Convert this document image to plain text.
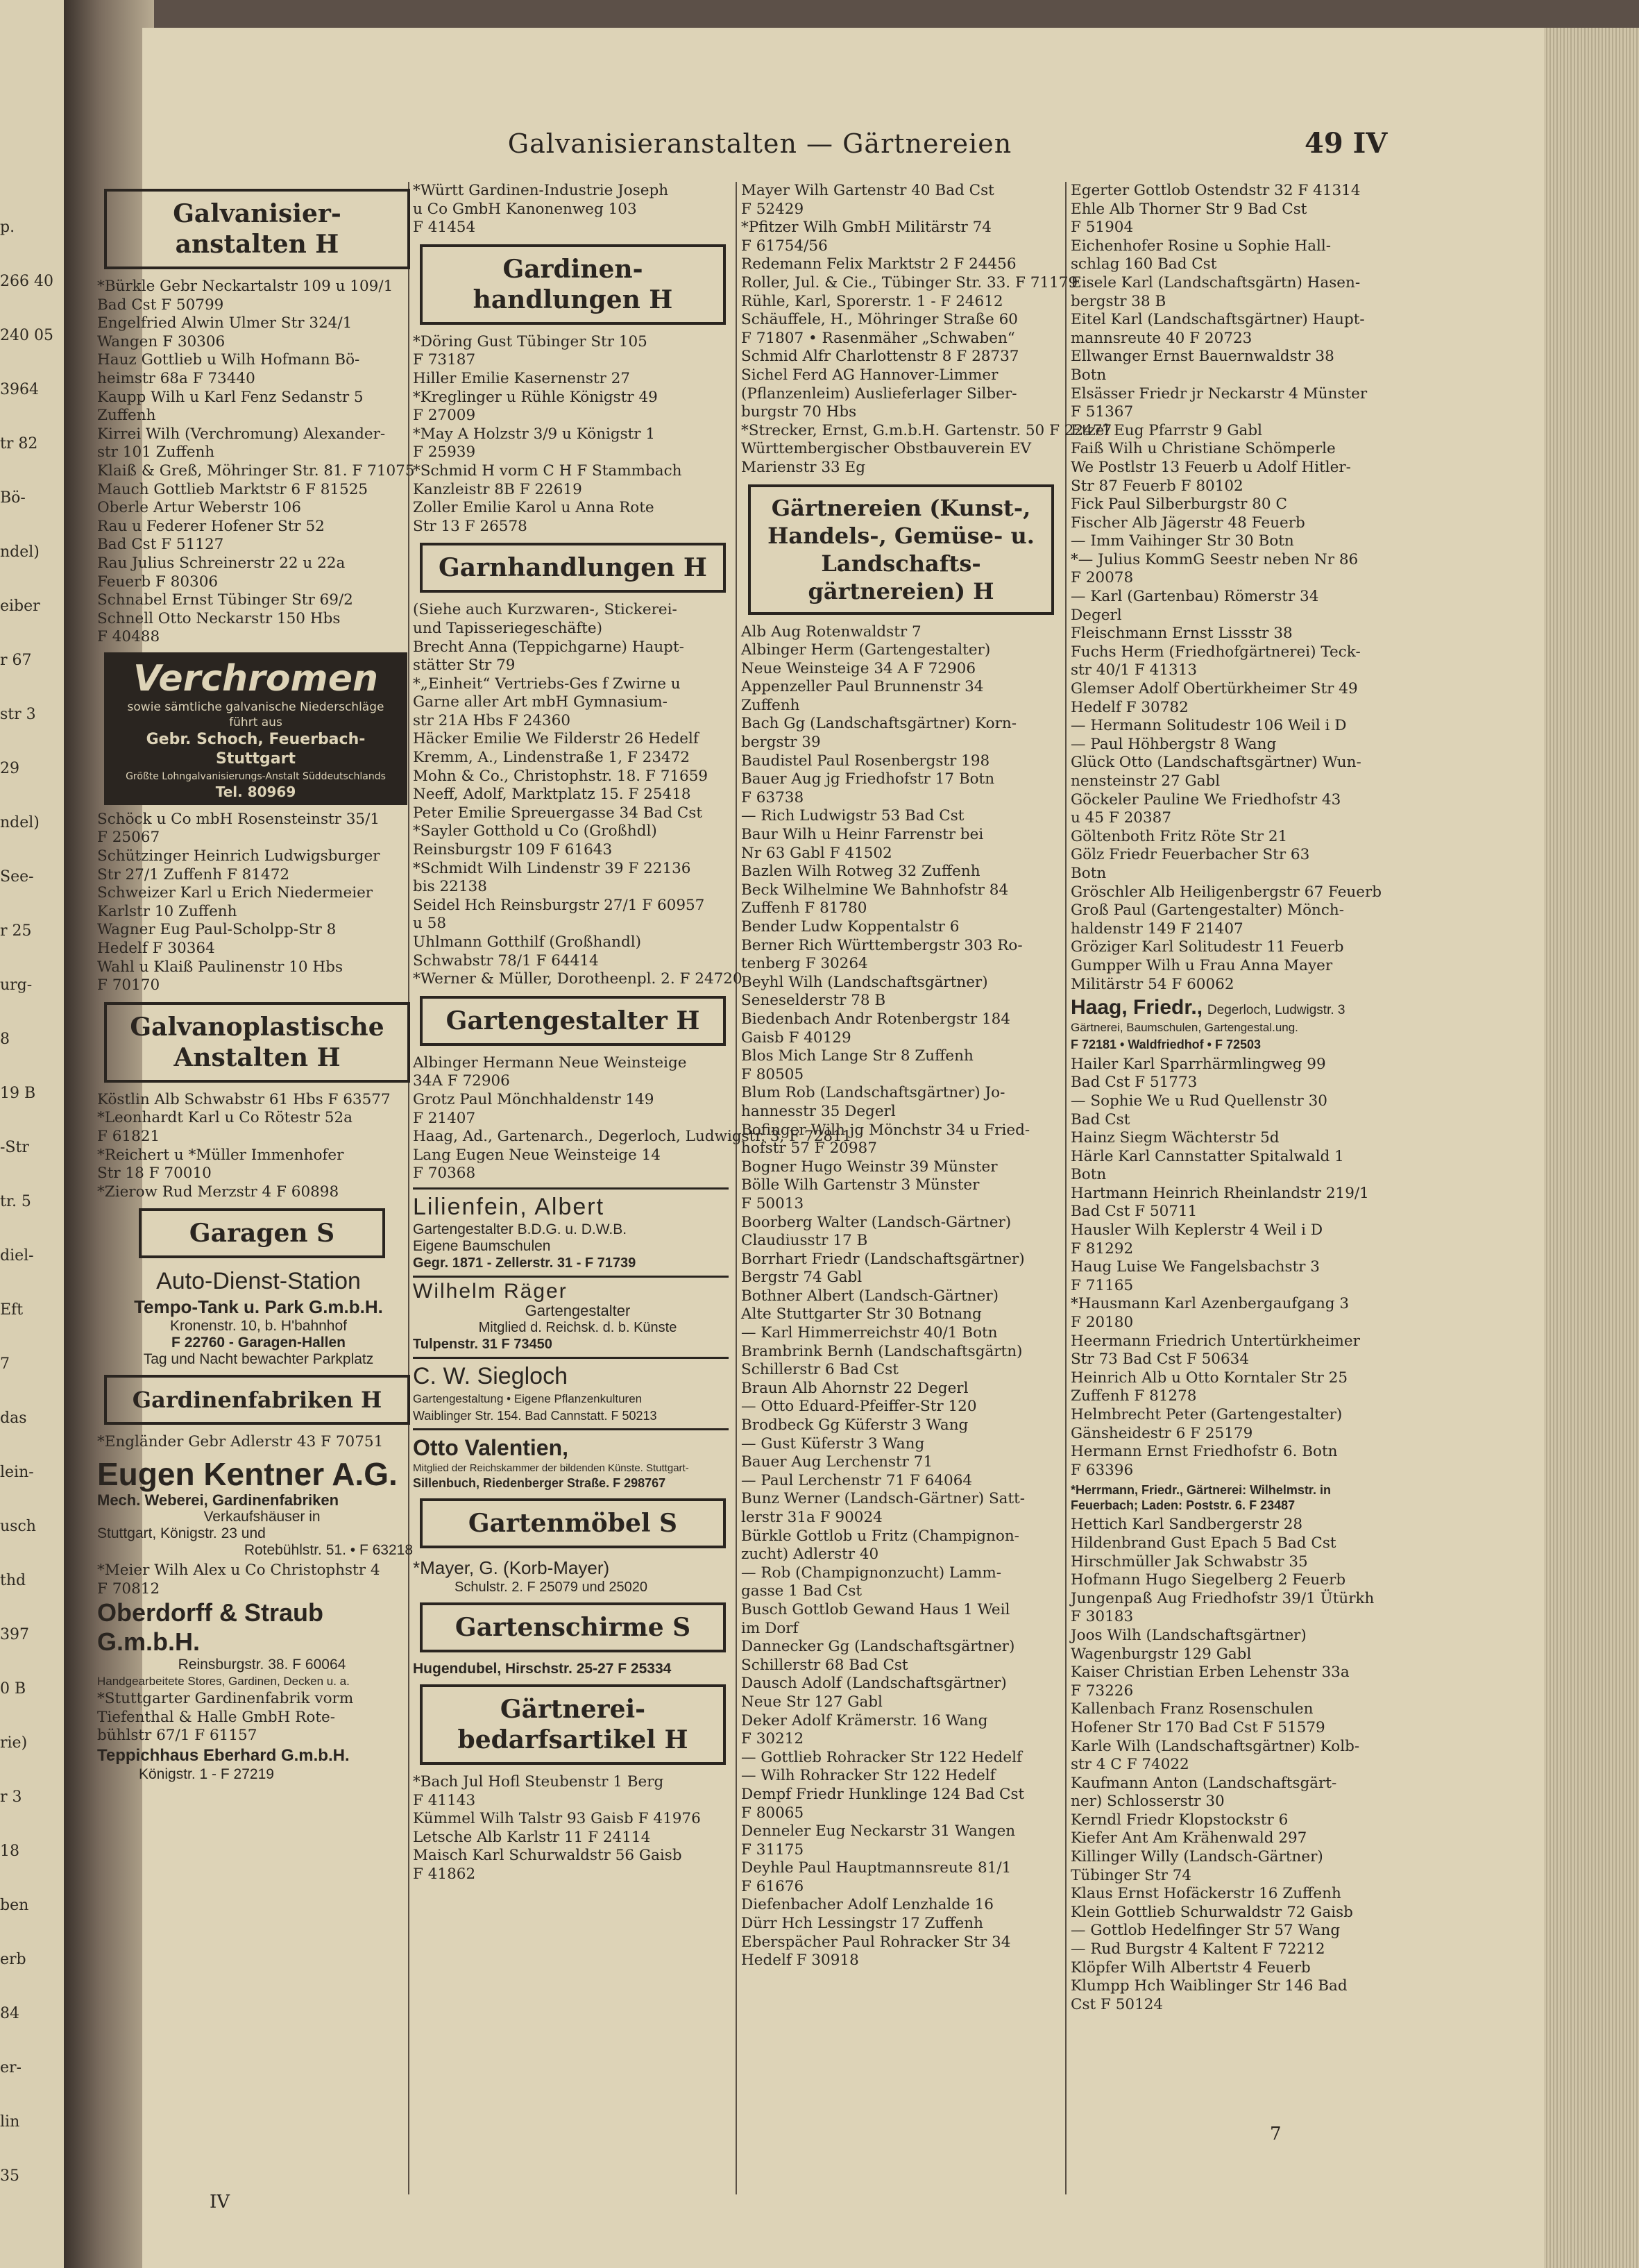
p.
266 40
240 05
3964
tr 82
Bö-
ndel)
eiber
r 67
str 3
29
ndel)
See-
r 25
urg-
8
19 B
-Str
tr. 5
diel-
Eft
7
das
lein-
usch
thd
397
0 B
rie)
r 3
18
ben
erb
84
er-
lin
35
Galvanisieranstalten — Gärtnereien	49 IV
Galvanisier-anstalten H
*Bürkle Gebr Neckartalstr 109 u 109/1
Bad Cst F 50799
Engelfried Alwin Ulmer Str 324/1
Wangen F 30306
Hauz Gottlieb u Wilh Hofmann Bö-
heimstr 68a F 73440
Kaupp Wilh u Karl Fenz Sedanstr 5
Zuffenh
Kirrei Wilh (Verchromung) Alexander-
str 101 Zuffenh
Klaiß & Greß, Möhringer Str. 81. F 71075
Mauch Gottlieb Marktstr 6 F 81525
Oberle Artur Weberstr 106
Rau u Federer Hofener Str 52
Bad Cst F 51127
Rau Julius Schreinerstr 22 u 22a
Feuerb F 80306
Schnabel Ernst Tübinger Str 69/2
Schnell Otto Neckarstr 150 Hbs
F 40488
Verchromen
sowie sämtliche galvanische Niederschläge
führt aus
Gebr. Schoch, Feuerbach-Stuttgart
Größte Lohngalvanisierungs-Anstalt Süddeutschlands
Tel. 80969
Schöck u Co mbH Rosensteinstr 35/1
F 25067
Schützinger Heinrich Ludwigsburger
Str 27/1 Zuffenh F 81472
Schweizer Karl u Erich Niedermeier
Karlstr 10 Zuffenh
Wagner Eug Paul-Scholpp-Str 8
Hedelf F 30364
Wahl u Klaiß Paulinenstr 10 Hbs
F 70170
Galvanoplastische Anstalten H
Köstlin Alb Schwabstr 61 Hbs F 63577
*Leonhardt Karl u Co Rötestr 52a
F 61821
*Reichert u *Müller Immenhofer
Str 18 F 70010
*Zierow Rud Merzstr 4 F 60898
Garagen S
Auto-Dienst-Station
Tempo-Tank u. Park G.m.b.H.
Kronenstr. 10, b. H'bahnhof
F 22760 - Garagen-Hallen
Tag und Nacht bewachter Parkplatz
Gardinenfabriken H
*Engländer Gebr Adlerstr 43 F 70751
Eugen Kentner A.G.
Mech. Weberei, Gardinenfabriken
Verkaufshäuser in
Stuttgart, Königstr. 23 und
Rotebühlstr. 51. • F 63218
*Meier Wilh Alex u Co Christophstr 4
F 70812
Oberdorff & Straub G.m.b.H.
Reinsburgstr. 38. F 60064
Handgearbeitete Stores, Gardinen, Decken u. a.
*Stuttgarter Gardinenfabrik vorm
Tiefenthal & Halle GmbH Rote-
bühlstr 67/1 F 61157
Teppichhaus Eberhard G.m.b.H.
Königstr. 1 - F 27219
*Württ Gardinen-Industrie Joseph
u Co GmbH Kanonenweg 103
F 41454
Gardinen-handlungen H
*Döring Gust Tübinger Str 105
F 73187
Hiller Emilie Kasernenstr 27
*Kreglinger u Rühle Königstr 49
F 27009
*May A Holzstr 3/9 u Königstr 1
F 25939
*Schmid H vorm C H F Stammbach
Kanzleistr 8B F 22619
Zoller Emilie Karol u Anna Rote
Str 13 F 26578
Garnhandlungen H
(Siehe auch Kurzwaren-, Stickerei-
und Tapisseriegeschäfte)
Brecht Anna (Teppichgarne) Haupt-
stätter Str 79
*„Einheit“ Vertriebs-Ges f Zwirne u
Garne aller Art mbH Gymnasium-
str 21A Hbs F 24360
Häcker Emilie We Filderstr 26 Hedelf
Kremm, A., Lindenstraße 1, F 23472
Mohn & Co., Christophstr. 18. F 71659
Neeff, Adolf, Marktplatz 15. F 25418
Peter Emilie Spreuergasse 34 Bad Cst
*Sayler Gotthold u Co (Großhdl)
Reinsburgstr 109 F 61643
*Schmidt Wilh Lindenstr 39 F 22136
bis 22138
Seidel Hch Reinsburgstr 27/1 F 60957
u 58
Uhlmann Gotthilf (Großhandl)
Schwabstr 78/1 F 64414
*Werner & Müller, Dorotheenpl. 2. F 24720
Gartengestalter H
Albinger Hermann Neue Weinsteige
34A F 72906
Grotz Paul Mönchhaldenstr 149
F 21407
Haag, Ad., Gartenarch., Degerloch, Ludwigstr. 3, F 72811
Lang Eugen Neue Weinsteige 14
F 70368
Lilienfein, Albert
Gartengestalter B.D.G. u. D.W.B.
Eigene Baumschulen
Gegr. 1871 - Zellerstr. 31 - F 71739
Wilhelm Räger
Gartengestalter
Mitglied d. Reichsk. d. b. Künste
Tulpenstr. 31 F 73450
C. W. Siegloch
Gartengestaltung • Eigene Pflanzenkulturen
Waiblinger Str. 154. Bad Cannstatt. F 50213
Otto Valentien,
Mitglied der Reichskammer der bildenden Künste. Stuttgart-
Sillenbuch, Riedenberger Straße. F 298767
Gartenmöbel S
*Mayer, G. (Korb-Mayer)
Schulstr. 2. F 25079 und 25020
Gartenschirme S
Hugendubel, Hirschstr. 25-27 F 25334
Gärtnerei-bedarfsartikel H
*Bach Jul Hofl Steubenstr 1 Berg
F 41143
Kümmel Wilh Talstr 93 Gaisb F 41976
Letsche Alb Karlstr 11 F 24114
Maisch Karl Schurwaldstr 56 Gaisb
F 41862
Mayer Wilh Gartenstr 40 Bad Cst
F 52429
*Pfitzer Wilh GmbH Militärstr 74
F 61754/56
Redemann Felix Marktstr 2 F 24456
Roller, Jul. & Cie., Tübinger Str. 33. F 71179
Rühle, Karl, Sporerstr. 1 - F 24612
Schäuffele, H., Möhringer Straße 60
F 71807 • Rasenmäher „Schwaben“
Schmid Alfr Charlottenstr 8 F 28737
Sichel Ferd AG Hannover-Limmer
(Pflanzenleim) Auslieferlager Silber-
burgstr 70 Hbs
*Strecker, Ernst, G.m.b.H. Gartenstr. 50 F 22477
Württembergischer Obstbauverein EV
Marienstr 33 Eg
Gärtnereien (Kunst-, Handels-, Gemüse- u. Landschafts-gärtnereien) H
Alb Aug Rotenwaldstr 7
Albinger Herm (Gartengestalter)
Neue Weinsteige 34 A F 72906
Appenzeller Paul Brunnenstr 34
Zuffenh
Bach Gg (Landschaftsgärtner) Korn-
bergstr 39
Baudistel Paul Rosenbergstr 198
Bauer Aug jg Friedhofstr 17 Botn
F 63738
— Rich Ludwigstr 53 Bad Cst
Baur Wilh u Heinr Farrenstr bei
Nr 63 Gabl F 41502
Bazlen Wilh Rotweg 32 Zuffenh
Beck Wilhelmine We Bahnhofstr 84
Zuffenh F 81780
Bender Ludw Koppentalstr 6
Berner Rich Württembergstr 303 Ro-
tenberg F 30264
Beyhl Wilh (Landschaftsgärtner)
Seneselderstr 78 B
Biedenbach Andr Rotenbergstr 184
Gaisb F 40129
Blos Mich Lange Str 8 Zuffenh
F 80505
Blum Rob (Landschaftsgärtner) Jo-
hannesstr 35 Degerl
Bofinger Wilh jg Mönchstr 34 u Fried-
hofstr 57 F 20987
Bogner Hugo Weinstr 39 Münster
Bölle Wilh Gartenstr 3 Münster
F 50013
Boorberg Walter (Landsch-Gärtner)
Claudiusstr 17 B
Borrhart Friedr (Landschaftsgärtner)
Bergstr 74 Gabl
Bothner Albert (Landsch-Gärtner)
Alte Stuttgarter Str 30 Botnang
— Karl Himmerreichstr 40/1 Botn
Brambrink Bernh (Landschaftsgärtn)
Schillerstr 6 Bad Cst
Braun Alb Ahornstr 22 Degerl
— Otto Eduard-Pfeiffer-Str 120
Brodbeck Gg Küferstr 3 Wang
— Gust Küferstr 3 Wang
Bauer Aug Lerchenstr 71
— Paul Lerchenstr 71 F 64064
Bunz Werner (Landsch-Gärtner) Satt-
lerstr 31a F 90024
Bürkle Gottlob u Fritz (Champignon-
zucht) Adlerstr 40
— Rob (Champignonzucht) Lamm-
gasse 1 Bad Cst
Busch Gottlob Gewand Haus 1 Weil
im Dorf
Dannecker Gg (Landschaftsgärtner)
Schillerstr 68 Bad Cst
Dausch Adolf (Landschaftsgärtner)
Neue Str 127 Gabl
Deker Adolf Krämerstr. 16 Wang
F 30212
— Gottlieb Rohracker Str 122 Hedelf
— Wilh Rohracker Str 122 Hedelf
Dempf Friedr Hunklinge 124 Bad Cst
F 80065
Denneler Eug Neckarstr 31 Wangen
F 31175
Deyhle Paul Hauptmannsreute 81/1
F 61676
Diefenbacher Adolf Lenzhalde 16
Dürr Hch Lessingstr 17 Zuffenh
Eberspächer Paul Rohracker Str 34
Hedelf F 30918
Egerter Gottlob Ostendstr 32 F 41314
Ehle Alb Thorner Str 9 Bad Cst
F 51904
Eichenhofer Rosine u Sophie Hall-
schlag 160 Bad Cst
Eisele Karl (Landschaftsgärtn) Hasen-
bergstr 38 B
Eitel Karl (Landschaftsgärtner) Haupt-
mannsreute 40 F 20723
Ellwanger Ernst Bauernwaldstr 38
Botn
Elsässer Friedr jr Neckarstr 4 Münster
F 51367
Etzel Eug Pfarrstr 9 Gabl
Faiß Wilh u Christiane Schömperle
We Postlstr 13 Feuerb u Adolf Hitler-
Str 87 Feuerb F 80102
Fick Paul Silberburgstr 80 C
Fischer Alb Jägerstr 48 Feuerb
— Imm Vaihinger Str 30 Botn
*— Julius KommG Seestr neben Nr 86
F 20078
— Karl (Gartenbau) Römerstr 34
Degerl
Fleischmann Ernst Lissstr 38
Fuchs Herm (Friedhofgärtnerei) Teck-
str 40/1 F 41313
Glemser Adolf Obertürkheimer Str 49
Hedelf F 30782
— Hermann Solitudestr 106 Weil i D
— Paul Höhbergstr 8 Wang
Glück Otto (Landschaftsgärtner) Wun-
nensteinstr 27 Gabl
Göckeler Pauline We Friedhofstr 43
u 45 F 20387
Göltenboth Fritz Röte Str 21
Gölz Friedr Feuerbacher Str 63
Botn
Gröschler Alb Heiligenbergstr 67 Feuerb
Groß Paul (Gartengestalter) Mönch-
haldenstr 149 F 21407
Gröziger Karl Solitudestr 11 Feuerb
Gumpper Wilh u Frau Anna Mayer
Militärstr 54 F 60062
Haag, Friedr., Degerloch, Ludwigstr. 3
Gärtnerei, Baumschulen, Gartengestal.ung.
F 72181 • Waldfriedhof • F 72503
Hailer Karl Sparrhärmlingweg 99
Bad Cst F 51773
— Sophie We u Rud Quellenstr 30
Bad Cst
Hainz Siegm Wächterstr 5d
Härle Karl Cannstatter Spitalwald 1
Botn
Hartmann Heinrich Rheinlandstr 219/1
Bad Cst F 50711
Hausler Wilh Keplerstr 4 Weil i D
F 81292
Haug Luise We Fangelsbachstr 3
F 71165
*Hausmann Karl Azenbergaufgang 3
F 20180
Heermann Friedrich Untertürkheimer
Str 73 Bad Cst F 50634
Heinrich Alb u Otto Korntaler Str 25
Zuffenh F 81278
Helmbrecht Peter (Gartengestalter)
Gänsheidestr 6 F 25179
Hermann Ernst Friedhofstr 6. Botn
F 63396
*Herrmann, Friedr., Gärtnerei: Wilhelmstr. in Feuerbach; Laden: Poststr. 6. F 23487
Hettich Karl Sandbergerstr 28
Hildenbrand Gust Epach 5 Bad Cst
Hirschmüller Jak Schwabstr 35
Hofmann Hugo Siegelberg 2 Feuerb
Jungenpaß Aug Friedhofstr 39/1 Ütürkh
F 30183
Joos Wilh (Landschaftsgärtner)
Wagenburgstr 129 Gabl
Kaiser Christian Erben Lehenstr 33a
F 73226
Kallenbach Franz Rosenschulen
Hofener Str 170 Bad Cst F 51579
Karle Wilh (Landschaftsgärtner) Kolb-
str 4 C F 74022
Kaufmann Anton (Landschaftsgärt-
ner) Schlosserstr 30
Kerndl Friedr Klopstockstr 6
Kiefer Ant Am Krähenwald 297
Killinger Willy (Landsch-Gärtner)
Tübinger Str 74
Klaus Ernst Hofäckerstr 16 Zuffenh
Klein Gottlieb Schurwaldstr 72 Gaisb
— Gottlob Hedelfinger Str 57 Wang
— Rud Burgstr 4 Kaltent F 72212
Klöpfer Wilh Albertstr 4 Feuerb
Klumpp Hch Waiblinger Str 146 Bad
Cst F 50124
7
IV
